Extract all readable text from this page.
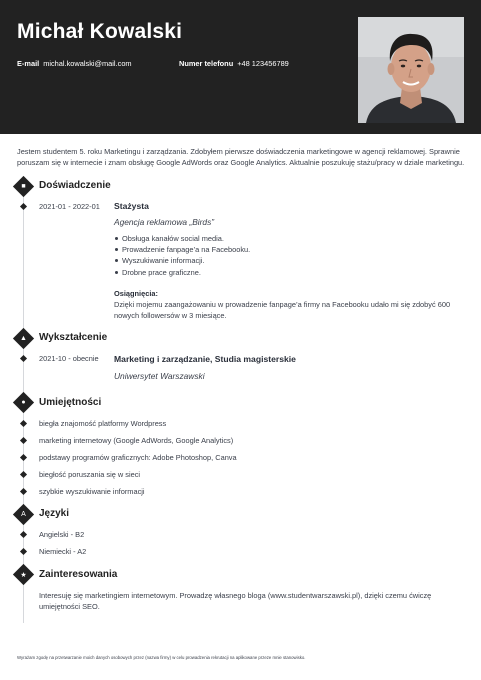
Michał Kowalski
E-mail michal.kowalski@mail.com	Numer telefonu +48 123456789
Jestem studentem 5. roku Marketingu i zarządzania. Zdobyłem pierwsze doświadczenia marketingowe w agencji reklamowej. Sprawnie poruszam się w internecie i znam obsługę Google AdWords oraz Google Analytics. Aktualnie poszukuję stażu/pracy w dziale marketingu.
■	Doświadczenie
2021-01 - 2022-01 Stażysta
Agencja reklamowa „Birds”
Obsługa kanałów social media.
Prowadzenie fanpage’a na Facebooku.
Wyszukiwanie informacji.
Drobne prace graficzne.
Osiągnięcia:
Dzięki mojemu zaangażowaniu w prowadzenie fanpage’a firmy na Facebooku udało mi się zdobyć 600 nowych followersów w 3 miesiące.
▲	Wykształcenie
2021-10 - obecnie Marketing i zarządzanie, Studia magisterskie
Uniwersytet Warszawski
●	Umiejętności
biegła znajomość platformy Wordpress
marketing internetowy (Google AdWords, Google Analytics)
podstawy programów graficznych: Adobe Photoshop, Canva
biegłość poruszania się w sieci
szybkie wyszukiwanie informacji
A	Języki
Angielski - B2
Niemiecki - A2
★	Zainteresowania
Interesuję się marketingiem internetowym. Prowadzę własnego bloga (www.studentwarszawski.pl), dzięki czemu ćwiczę umiejętności SEO.
Wyrażam zgodę na przetwarzanie moich danych osobowych przez (nazwa firmy) w celu prowadzenia rekrutacji na aplikowane przeze mnie stanowisko.
